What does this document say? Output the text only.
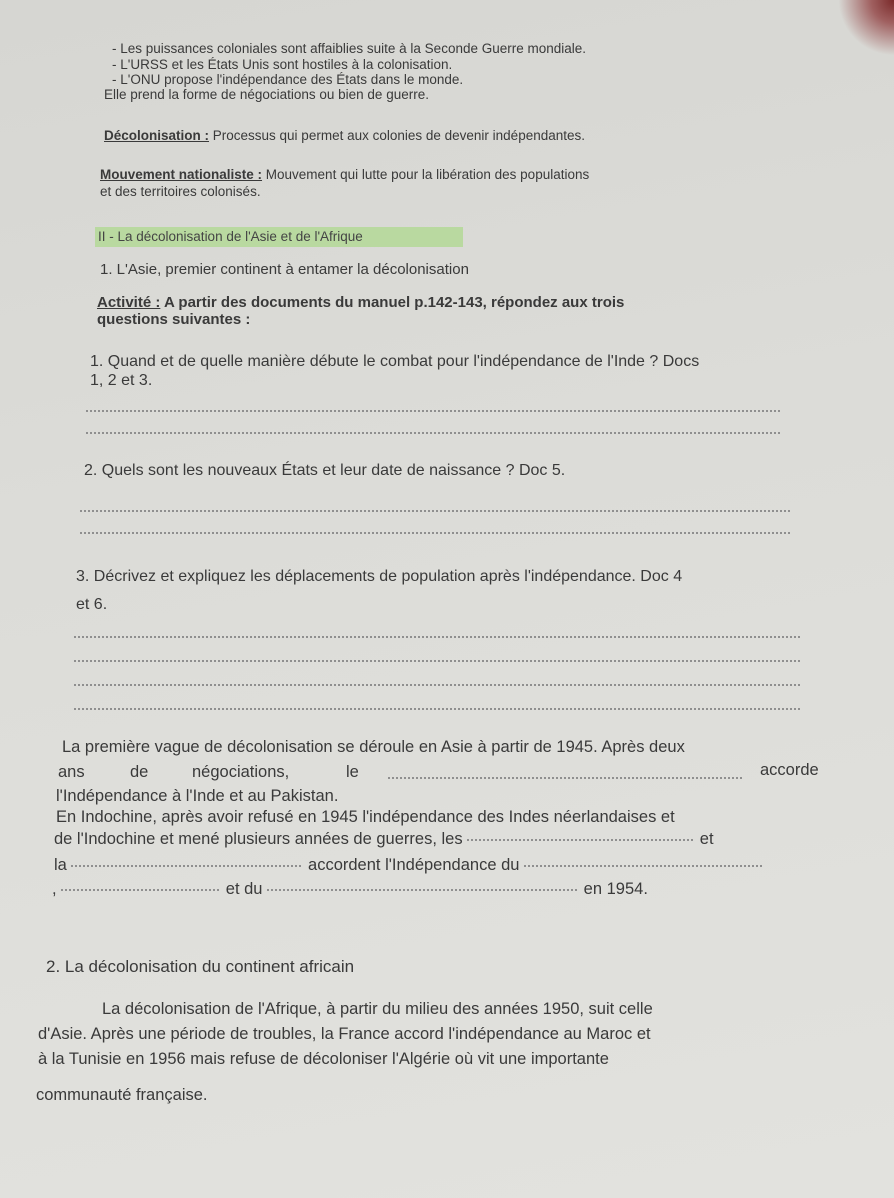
- Les puissances coloniales sont affaiblies suite à la Seconde Guerre mondiale.
- L'URSS et les États Unis sont hostiles à la colonisation.
- L'ONU propose l'indépendance des États dans le monde.
Elle prend la forme de négociations ou bien de guerre.
Décolonisation : Processus qui permet aux colonies de devenir indépendantes.
Mouvement nationaliste : Mouvement qui lutte pour la libération des populations
et des territoires colonisés.
II - La décolonisation de l'Asie et de l'Afrique
1. L'Asie, premier continent à entamer la décolonisation
Activité : A partir des documents du manuel p.142-143, répondez aux trois
questions suivantes :
1. Quand et de quelle manière débute le combat pour l'indépendance de l'Inde ? Docs
1, 2 et 3.
2. Quels sont les nouveaux États et leur date de naissance ? Doc 5.
3. Décrivez et expliquez les déplacements de population après l'indépendance. Doc 4
et 6.
La première vague de décolonisation se déroule en Asie à partir de 1945. Après deux
ans	de	négociations,	le	accorde
l'Indépendance à l'Inde et au Pakistan.
En Indochine, après avoir refusé en 1945 l'indépendance des Indes néerlandaises et
de l'Indochine et mené plusieurs années de guerres, les	et
la	accordent l'Indépendance du
,	et du	en 1954.
2. La décolonisation du continent africain
La décolonisation de l'Afrique, à partir du milieu des années 1950, suit celle
d'Asie. Après une période de troubles, la France accord l'indépendance au Maroc et
à la Tunisie en 1956 mais refuse de décoloniser l'Algérie où vit une importante
communauté française.
